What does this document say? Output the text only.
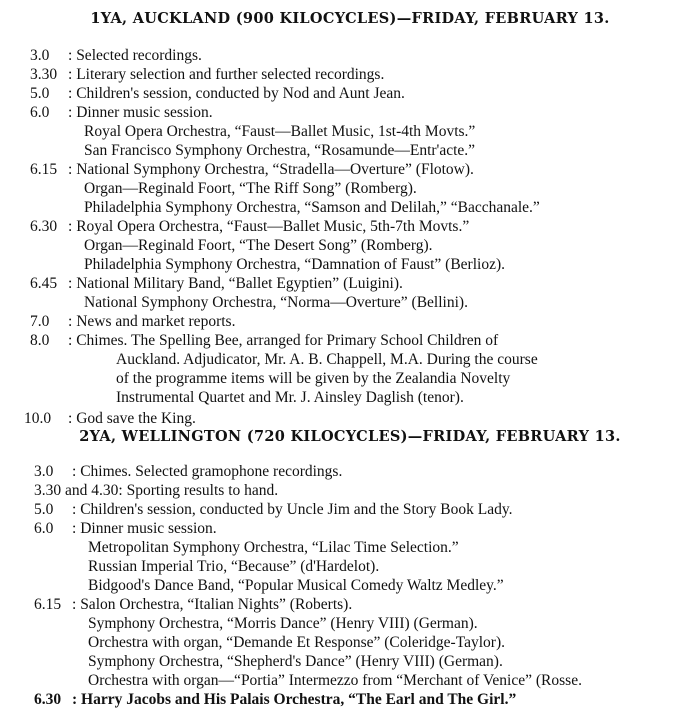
1YA, AUCKLAND (900 KILOCYCLES)—FRIDAY, FEBRUARY 13.
3.0 : Selected recordings.
3.30 : Literary selection and further selected recordings.
5.0 : Children's session, conducted by Nod and Aunt Jean.
6.0 : Dinner music session.
Royal Opera Orchestra, “Faust—Ballet Music, 1st-4th Movts.”
San Francisco Symphony Orchestra, “Rosamunde—Entr'acte.”
6.15 : National Symphony Orchestra, “Stradella—Overture” (Flotow).
Organ—Reginald Foort, “The Riff Song” (Romberg).
Philadelphia Symphony Orchestra, “Samson and Delilah,” “Bacchanale.”
6.30 : Royal Opera Orchestra, “Faust—Ballet Music, 5th-7th Movts.”
Organ—Reginald Foort, “The Desert Song” (Romberg).
Philadelphia Symphony Orchestra, “Damnation of Faust” (Berlioz).
6.45 : National Military Band, “Ballet Egyptien” (Luigini).
National Symphony Orchestra, “Norma—Overture” (Bellini).
7.0 : News and market reports.
8.0 : Chimes. The Spelling Bee, arranged for Primary School Children of
Auckland. Adjudicator, Mr. A. B. Chappell, M.A. During the course
of the programme items will be given by the Zealandia Novelty
Instrumental Quartet and Mr. J. Ainsley Daglish (tenor).
10.0 : God save the King.
2YA, WELLINGTON (720 KILOCYCLES)—FRIDAY, FEBRUARY 13.
3.0 : Chimes. Selected gramophone recordings.
3.30 and 4.30: Sporting results to hand.
5.0 : Children's session, conducted by Uncle Jim and the Story Book Lady.
6.0 : Dinner music session.
Metropolitan Symphony Orchestra, “Lilac Time Selection.”
Russian Imperial Trio, “Because” (d'Hardelot).
Bidgood's Dance Band, “Popular Musical Comedy Waltz Medley.”
6.15 : Salon Orchestra, “Italian Nights” (Roberts).
Symphony Orchestra, “Morris Dance” (Henry VIII) (German).
Orchestra with organ, “Demande Et Response” (Coleridge-Taylor).
Symphony Orchestra, “Shepherd's Dance” (Henry VIII) (German).
Orchestra with organ—“Portia” Intermezzo from “Merchant of Venice” (Rosse.
6.30 : Harry Jacobs and His Palais Orchestra, “The Earl and The Girl.”
